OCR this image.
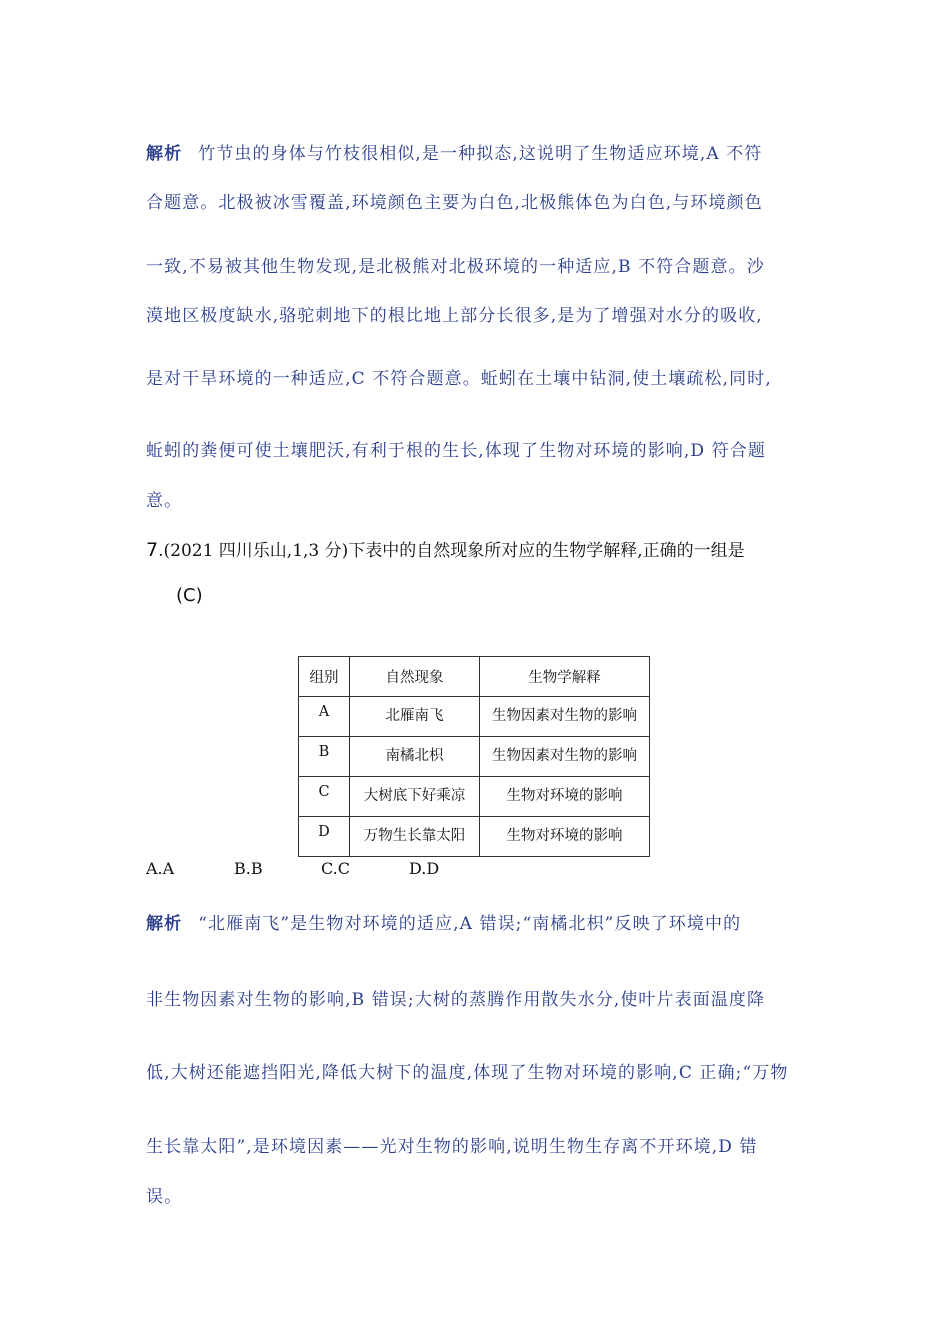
解析 竹节虫的身体与竹枝很相似,是一种拟态,这说明了生物适应环境,A 不符
合题意。北极被冰雪覆盖,环境颜色主要为白色,北极熊体色为白色,与环境颜色
一致,不易被其他生物发现,是北极熊对北极环境的一种适应,B 不符合题意。沙
漠地区极度缺水,骆驼刺地下的根比地上部分长很多,是为了增强对水分的吸收,
是对干旱环境的一种适应,C 不符合题意。蚯蚓在土壤中钻洞,使土壤疏松,同时,
蚯蚓的粪便可使土壤肥沃,有利于根的生长,体现了生物对环境的影响,D 符合题
意。
7.(2021 四川乐山,1,3 分)下表中的自然现象所对应的生物学解释,正确的一组是
(C)
组别	自然现象	生物学解释
A	北雁南飞	生物因素对生物的影响
B	南橘北枳	生物因素对生物的影响
C	大树底下好乘凉	生物对环境的影响
D	万物生长靠太阳	生物对环境的影响
A.A	B.B	C.C	D.D
解析 “北雁南飞”是生物对环境的适应,A 错误;“南橘北枳”反映了环境中的
非生物因素对生物的影响,B 错误;大树的蒸腾作用散失水分,使叶片表面温度降
低,大树还能遮挡阳光,降低大树下的温度,体现了生物对环境的影响,C 正确;“万物
生长靠太阳”,是环境因素——光对生物的影响,说明生物生存离不开环境,D 错
误。
